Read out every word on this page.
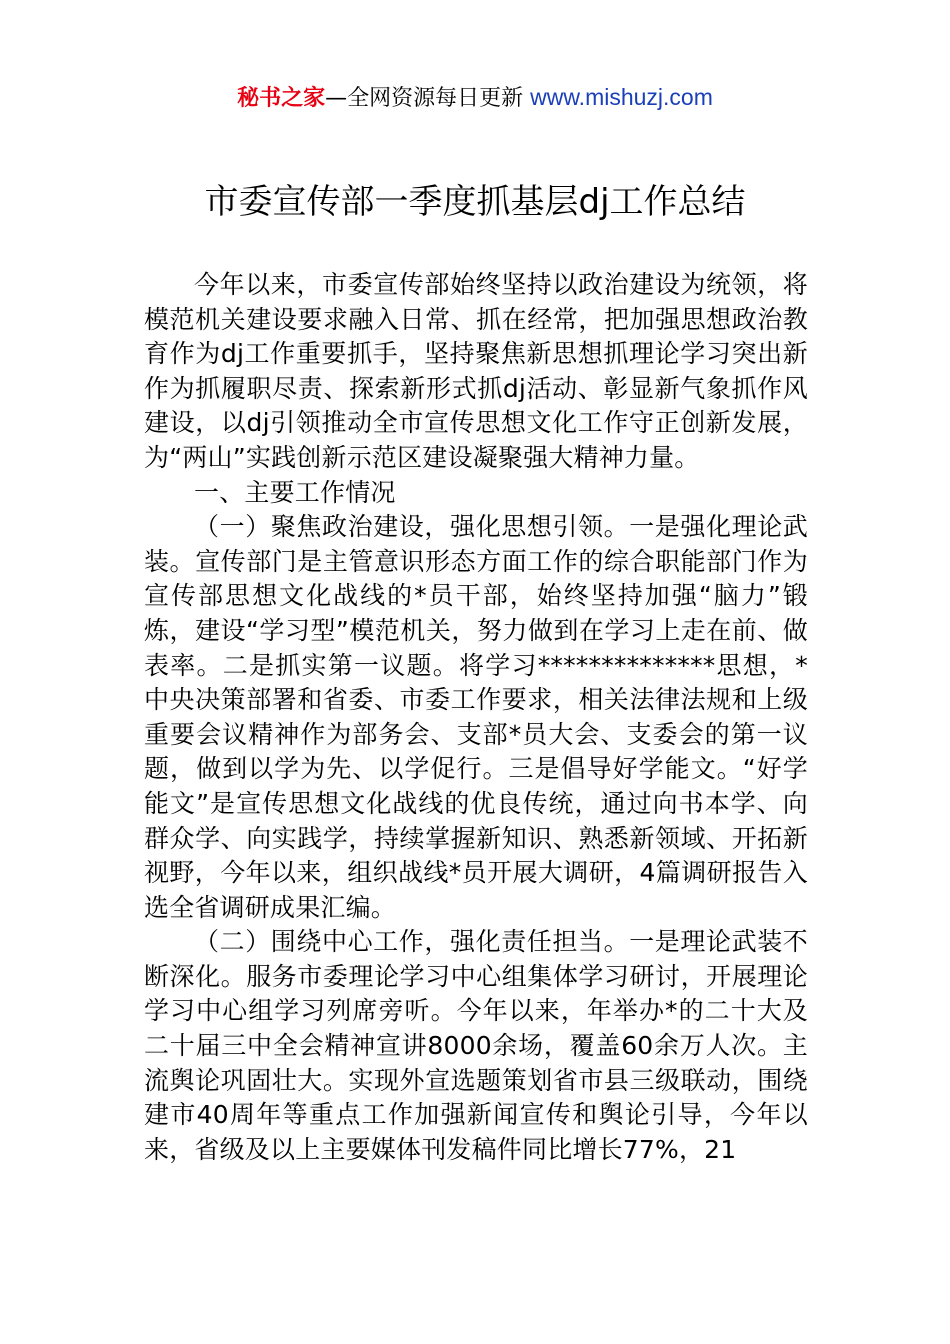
秘书之家—全网资源每日更新 www.mishuzj.com
市委宣传部一季度抓基层dj工作总结

今年以来，市委宣传部始终坚持以政治建设为统领，将模范机关建设要求融入日常、抓在经常，把加强思想政治教育作为dj工作重要抓手，坚持聚焦新思想抓理论学习突出新作为抓履职尽责、探索新形式抓dj活动、彰显新气象抓作风建设，以dj引领推动全市宣传思想文化工作守正创新发展，为“两山”实践创新示范区建设凝聚强大精神力量。

一、主要工作情况

（一）聚焦政治建设，强化思想引领。一是强化理论武装。宣传部门是主管意识形态方面工作的综合职能部门作为宣传部思想文化战线的*员干部，始终坚持加强“脑力”锻炼，建设“学习型”模范机关，努力做到在学习上走在前、做表率。二是抓实第一议题。将学习**************思想，*中央决策部署和省委、市委工作要求，相关法律法规和上级重要会议精神作为部务会、支部*员大会、支委会的第一议题，做到以学为先、以学促行。三是倡导好学能文。“好学能文”是宣传思想文化战线的优良传统，通过向书本学、向群众学、向实践学，持续掌握新知识、熟悉新领域、开拓新视野，今年以来，组织战线*员开展大调研，4篇调研报告入选全省调研成果汇编。

（二）围绕中心工作，强化责任担当。一是理论武装不断深化。服务市委理论学习中心组集体学习研讨，开展理论学习中心组学习列席旁听。今年以来，年举办*的二十大及二十届三中全会精神宣讲8000余场，覆盖60余万人次。主流舆论巩固壮大。实现外宣选题策划省市县三级联动，围绕建市40周年等重点工作加强新闻宣传和舆论引导，今年以来，省级及以上主要媒体刊发稿件同比增长77%，21
